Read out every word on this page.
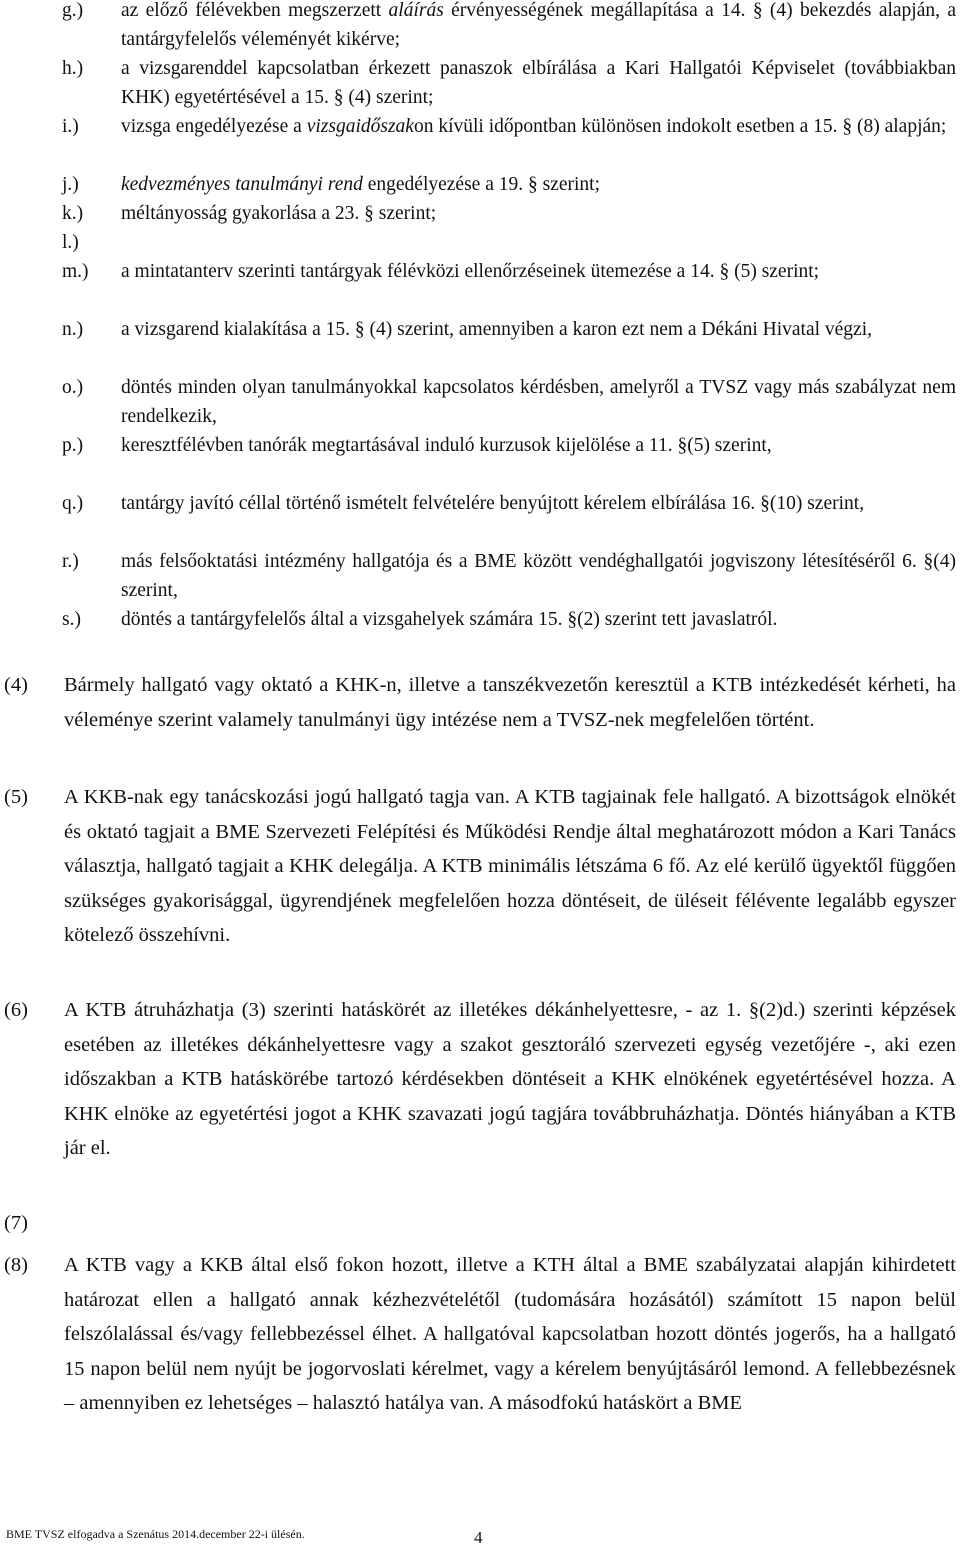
g.) az előző félévekben megszerzett aláírás érvényességének megállapítása a 14. § (4) bekezdés alapján, a tantárgyfelelős véleményét kikérve;
h.) a vizsgarenddel kapcsolatban érkezett panaszok elbírálása a Kari Hallgatói Képviselet (továbbiakban KHK) egyetértésével a 15. § (4) szerint;
i.) vizsga engedélyezése a vizsgaidőszakon kívüli időpontban különösen indokolt esetben a 15. § (8) alapján;
j.) kedvezményes tanulmányi rend engedélyezése a 19. § szerint;
k.) méltányosság gyakorlása a 23. § szerint;
l.)
m.) a mintatanterv szerinti tantárgyak félévközi ellenőrzéseinek ütemezése a 14. § (5) szerint;
n.) a vizsgarend kialakítása a 15. § (4) szerint, amennyiben a karon ezt nem a Dékáni Hivatal végzi,
o.) döntés minden olyan tanulmányokkal kapcsolatos kérdésben, amelyről a TVSZ vagy más szabályzat nem rendelkezik,
p.) keresztfélévben tanórák megtartásával induló kurzusok kijelölése a 11. §(5) szerint,
q.) tantárgy javító céllal történő ismételt felvételére benyújtott kérelem elbírálása 16. §(10) szerint,
r.) más felsőoktatási intézmény hallgatója és a BME között vendéghallgatói jogviszony létesítéséről 6. §(4) szerint,
s.) döntés a tantárgyfelelős által a vizsgahelyek számára 15. §(2) szerint tett javaslatról.
(4) Bármely hallgató vagy oktató a KHK-n, illetve a tanszékvezetőn keresztül a KTB intézkedését kérheti, ha véleménye szerint valamely tanulmányi ügy intézése nem a TVSZ-nek megfelelően történt.
(5) A KKB-nak egy tanácskozási jogú hallgató tagja van. A KTB tagjainak fele hallgató. A bizottságok elnökét és oktató tagjait a BME Szervezeti Felépítési és Működési Rendje által meghatározott módon a Kari Tanács választja, hallgató tagjait a KHK delegálja. A KTB minimális létszáma 6 fő. Az elé kerülő ügyektől függően szükséges gyakorisággal, ügyrendjének megfelelően hozza döntéseit, de üléseit félévente legalább egyszer kötelező összehívni.
(6) A KTB átruházhatja (3) szerinti hatáskörét az illetékes dékánhelyettesre, - az 1. §(2)d.) szerinti képzések esetében az illetékes dékánhelyettesre vagy a szakot gesztoráló szervezeti egység vezetőjére -, aki ezen időszakban a KTB hatáskörébe tartozó kérdésekben döntéseit a KHK elnökének egyetértésével hozza. A KHK elnöke az egyetértési jogot a KHK szavazati jogú tagjára továbbruházhatja. Döntés hiányában a KTB jár el.
(7)
(8) A KTB vagy a KKB által első fokon hozott, illetve a KTH által a BME szabályzatai alapján kihirdetett határozat ellen a hallgató annak kézhezvételétől (tudomására hozásától) számított 15 napon belül felszólalással és/vagy fellebbezéssel élhet. A hallgatóval kapcsolatban hozott döntés jogerős, ha a hallgató 15 napon belül nem nyújt be jogorvoslati kérelmet, vagy a kérelem benyújtásáról lemond. A fellebbezésnek – amennyiben ez lehetséges – halasztó hatálya van. A másodfokú hatáskört a BME
BME TVSZ elfogadva a Szenátus 2014.december 22-i ülésén.	4
